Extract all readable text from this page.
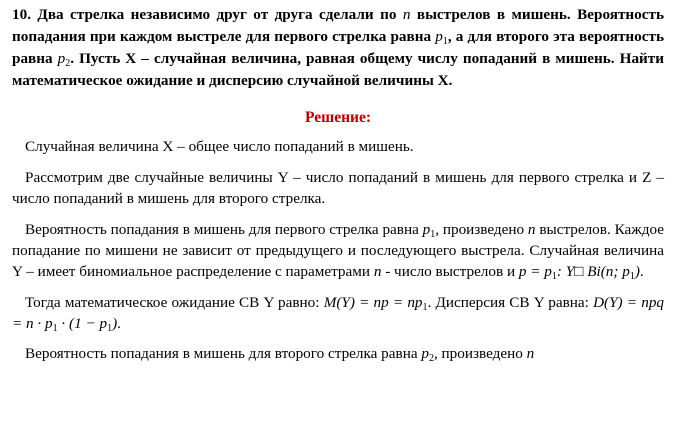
10. Два стрелка независимо друг от друга сделали по n выстрелов в мишень. Вероятность попадания при каждом выстреле для первого стрелка равна $p_1$, а для второго эта вероятность равна $p_2$. Пусть X – случайная величина, равная общему числу попаданий в мишень. Найти математическое ожидание и дисперсию случайной величины X.

Решение:

Случайная величина X – общее число попаданий в мишень.

Рассмотрим две случайные величины Y – число попаданий в мишень для первого стрелка и Z – число попаданий в мишень для второго стрелка.

Вероятность попадания в мишень для первого стрелка равна $p_1$, произведено n выстрелов. Каждое попадание по мишени не зависит от предыдущего и последующего выстрела. Случайная величина Y – имеет биномиальное распределение с параметрами n - число выстрелов и $p = p_1$: Y□ Bi(n; $p_1$).

Тогда математическое ожидание СВ Y равно: M(Y) = np = $np_1$. Дисперсия СВ Y равна: D(Y) = npq = $n \cdot p_1 \cdot (1 - p_1)$.

Вероятность попадания в мишень для второго стрелка равна $p_2$, произведено n
